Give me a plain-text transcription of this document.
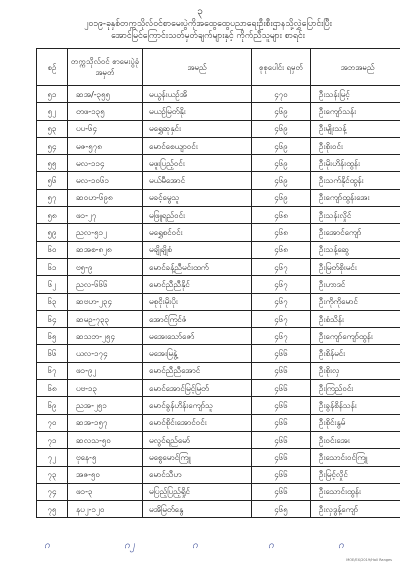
၃
၂၀၁၉-ခုနှစ်တက္ကသိုလ်ဝင်စာမေးပွဲကိုအထွေထွေပညာရေးဦးစီးဌာနသို့လွှဲပြောင်းပြီး
အောင်မြင်ကြောင်းသတ်မှတ်ချက်များနှင့် ကိုက်ညီသူများ စာရင်း
စဉ်	တက္ကသိုလ်ဝင် စာမေးပွဲခုံအမှတ်	အမည်	စုစုပေါင်း ရမှတ်	အဘအမည်
၅၁	ဆအ/-၃၅၅	မယွန်းယဉ်အိ	၄၇၀	ဦးသန်းမြင့်
၅၂	တဖ-၁၃၅	မယဉ်မြတ်နိုး	၄၆၉	ဦးကျော်သန်း
၅၃	ပပ-၆၄	မရွှေဆုနှင်း	၄၆၉	ဦးမျိုးသန့်
၅၄	မဇ-၅၇၈	မောင်စေယျာဝင်း	၄၆၉	ဦးစိုးဝင်း
၅၅	မလ-၁၁၄	မဖူးပြည့်ဝင်း	၄၆၉	ဦးမိုးဟိန်းထွန်း
၅၆	မလ-၁၀၆၁	မယ်မီအောင်	၄၆၉	ဦးသက်နိုင်ထွန်း
၅၇	ဆ၀ဟ-၆၉၈	မခင့်မွေသူ	၄၆၉	ဦးကျော်ထွန်းအေး
၅၈	ဖ၁-၂၇	မဖြူရည်ဝင်း	၄၆၈	ဦးသန်းလှိုင်
၅၉	ညလ-၅၁၂	မရွှေစင်ဝင်း	၄၆၈	ဦးအောင်ကျော်
၆၀	ဆအစ-၈၂၈	မချိုချိုစံ	၄၆၈	ဦးသန့်ဆွေ
၆၁	ဗ၅-၉	မောင်ခန့်ညီမင်းထက်	၄၆၇	ဦးမြတ်စိုးမင်း
၆၂	ညလ-၆၆၆	မောင်ညီညီနိုင်	၄၆၇	ဦးဟာဒင်
၆၃	ဆဗဟ-၂၃၄	မစုငိုးမိုးပိုး	၄၆၇	ဦးကိုကိုမောင်
၆၄	ဆမဉ-၇၃၃	အောင်ကြင်ဇံ	၄၆၇	ဦးစံသိန်း
၆၅	ဆသဘ-၂၅၄	မအေးသော်ဇော်	၄၆၇	ဦးကျော်ကျော်ထွန်း
၆၆	ယလ-၁၇၄	မအေးမြနွဲ့	၄၆၆	ဦးစိန်မင်း
၆၇	ဖ၁-၉၂	မောင်ညီညီအောင်	၄၆၆	ဦးစိုးလှ
၆၈	ပဗ-၁၃	မောင်အောင်မြင့်မြတ်	၄၆၆	ဦးကြည်ဝင်း
၆၉	ညအ-၂၅၁	မောင်ခွန်ဟိန်းကျော်သူ	၄၆၆	ဦးခွန်စိန်သန်း
၇၀	ဆအ-၁၅၇	မောင်စိုင်းအောင်ဝင်း	၄၆၆	ဦးစိုင်းနွမ်
၇၁	ဆလသ-၅၀	မလွင်ရည်မော်	၄၆၆	ဦးဝင်းအေး
၇၂	ဗုနေ-၅	မစွေမောင်ကြူ	၄၆၆	ဦးသောင်းဝင်ကြူ
၇၃	အဇ-၅၀	မောင်သီဟ	၄၆၆	ဦးမြင့်လှိုင်
၇၄	ဖ၁-၃	မပြည့်ပြည့်ရှိုင်	၄၆၆	ဦးသောင်းထွန်း
၇၅	နပ၂-၁၂၀	မအိမြတ်နွေ	၄၆၅	ဦးလှဒွန့်ကျော်
ဂ	ဂ၂	ဂ	ဂ	ဂ
MOE/EX/2019/Hall Ranges
